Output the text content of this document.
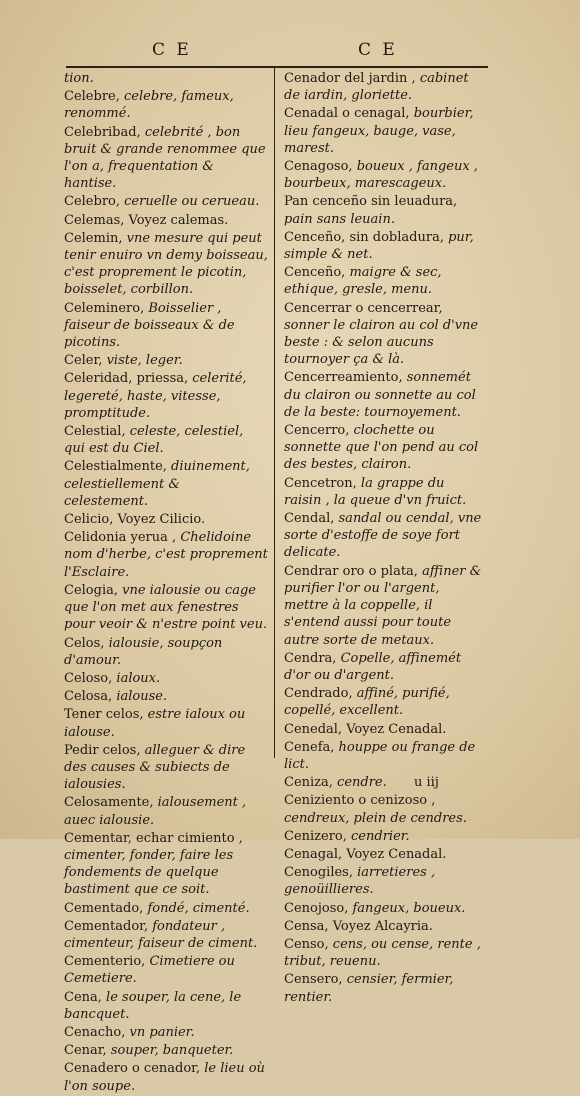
C E	C E
tion.
Celebre, celebre, fameux, renommé.
Celebribad, celebrité , bon bruit & grande renommee que l'on a, frequentation & hantise.
Celebro, ceruelle ou cerueau.
Celemas, Voyez calemas.
Celemin, vne mesure qui peut tenir enuiro vn demy boisseau, c'est proprement le picotin, boisselet, corbillon.
Celeminero, Boisselier , faiseur de boisseaux & de picotins.
Celer, viste, leger.
Celeridad, priessa, celerité, legereté, haste, vitesse, promptitude.
Celestial, celeste, celestiel, qui est du Ciel.
Celestialmente, diuinement, celestiellement & celestement.
Celicio, Voyez Cilicio.
Celidonia yerua , Chelidoine nom d'herbe, c'est proprement l'Esclaire.
Celogia, vne ialousie ou cage que l'on met aux fenestres pour veoir & n'estre point veu.
Celos, ialousie, soupçon d'amour.
Celoso, ialoux.
Celosa, ialouse.
Tener celos, estre ialoux ou ialouse.
Pedir celos, alleguer & dire des causes & subiects de ialousies.
Celosamente, ialousement , auec ialousie.
Cementar, echar cimiento , cimenter, fonder, faire les fondements de quelque bastiment que ce soit.
Cementado, fondé, cimenté.
Cementador, fondateur , cimenteur, faiseur de ciment.
Cementerio, Cimetiere ou Cemetiere.
Cena, le souper, la cene, le bancquet.
Cenacho, vn panier.
Cenar, souper, banqueter.
Cenadero o cenador, le lieu où l'on soupe.
Cenador del jardin , cabinet de iardin, gloriette.
Cenadal o cenagal, bourbier, lieu fangeux, bauge, vase, marest.
Cenagoso, boueux , fangeux , bourbeux, marescageux.
Pan cenceño sin leuadura, pain sans leuain.
Cenceño, sin dobladura, pur, simple & net.
Cenceño, maigre & sec, ethique, gresle, menu.
Cencerrar o cencerrear, sonner le clairon au col d'vne beste : & selon aucuns tournoyer ça & là.
Cencerreamiento, sonnemét du clairon ou sonnette au col de la beste: tournoyement.
Cencerro, clochette ou sonnette que l'on pend au col des bestes, clairon.
Cencetron, la grappe du raisin , la queue d'vn fruict.
Cendal, sandal ou cendal, vne sorte d'estoffe de soye fort delicate.
Cendrar oro o plata, affiner & purifier l'or ou l'argent, mettre à la coppelle, il s'entend aussi pour toute autre sorte de metaux.
Cendra, Copelle, affinemét d'or ou d'argent.
Cendrado, affiné, purifié, copellé, excellent.
Cenedal, Voyez Cenadal.
Cenefa, houppe ou frange de lict.
Ceniza, cendre.
Ceniziento o cenizoso , cendreux, plein de cendres.
Cenizero, cendrier.
Cenagal, Voyez Cenadal.
Cenogiles, iarretieres , genoüillieres.
Cenojoso, fangeux, boueux.
Censa, Voyez Alcayria.
Censo, cens, ou cense, rente , tribut, reuenu.
Censero, censier, fermier, rentier.
u iij
